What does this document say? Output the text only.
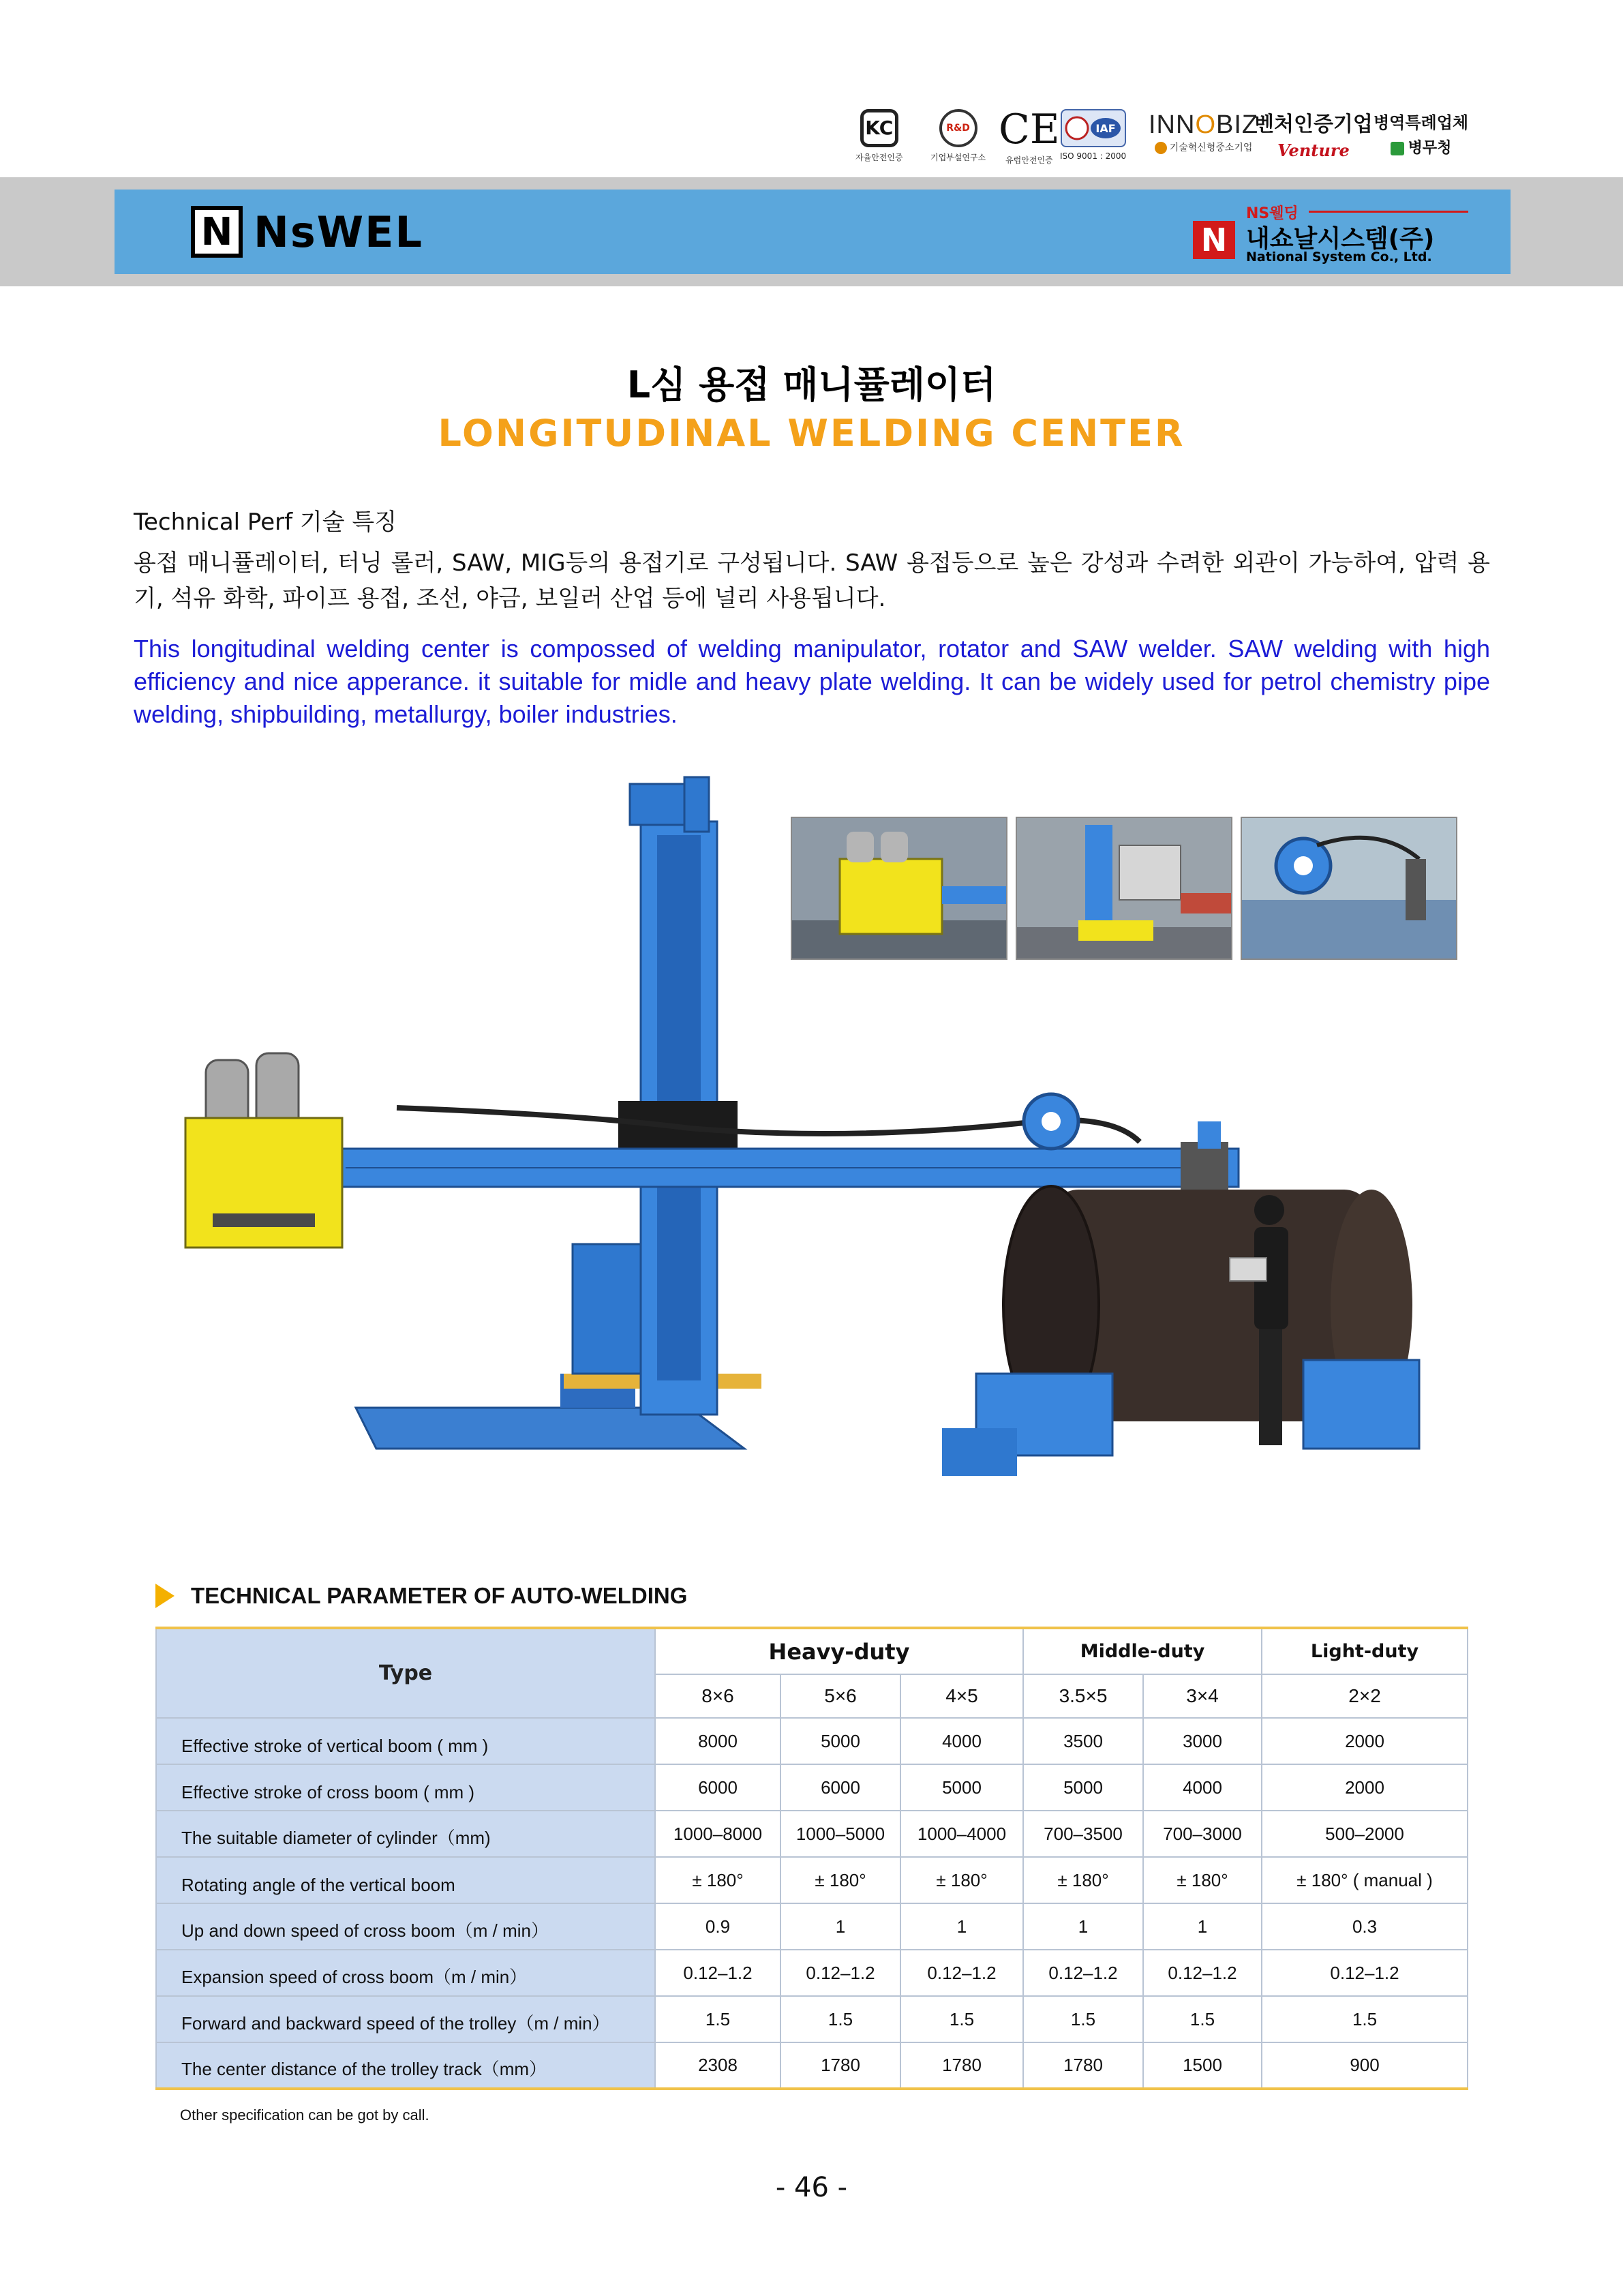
KC
자율안전인증
R&D
기업부설연구소
CE
유럽안전인증
IAF
ISO 9001 : 2000
INNOBIZ
기술혁신형중소기업
벤처인증기업
Venture
병역특례업체
병무청
N NsWEL	N
NS웰딩
내쇼날시스템(주)
National System Co., Ltd.
L심 용접 매니퓰레이터
LONGITUDINAL WELDING CENTER
Technical Perf 기술 특징
용접 매니퓰레이터, 터닝 롤러, SAW, MIG등의 용접기로 구성됩니다. SAW 용접등으로 높은 강성과 수려한 외관이 가능하여, 압력 용기, 석유 화학, 파이프 용접, 조선, 야금, 보일러 산업 등에 널리 사용됩니다.
This longitudinal welding center is compossed of welding manipulator, rotator and SAW welder. SAW welding with high efficiency and nice apperance. it suitable for midle and heavy plate welding. It can be widely used for petrol chemistry pipe welding, shipbuilding, metallurgy, boiler industries.
TECHNICAL PARAMETER OF AUTO-WELDING
Type	Heavy-duty			Middle-duty		Light-duty
	8×6	5×6	4×5	3.5×5	3×4	2×2
Effective stroke of vertical boom ( mm )	8000	5000	4000	3500	3000	2000
Effective stroke of cross boom ( mm )	6000	6000	5000	5000	4000	2000
The suitable diameter of cylinder（mm)	1000–8000	1000–5000	1000–4000	700–3500	700–3000	500–2000
Rotating angle of the vertical boom	± 180°	± 180°	± 180°	± 180°	± 180°	± 180° ( manual )
Up and down speed of cross boom（m / min）	0.9	1	1	1	1	0.3
Expansion speed of cross boom（m / min）	0.12–1.2	0.12–1.2	0.12–1.2	0.12–1.2	0.12–1.2	0.12–1.2
Forward and backward speed of the trolley（m / min）	1.5	1.5	1.5	1.5	1.5	1.5
The center distance of the trolley track（mm）	2308	1780	1780	1780	1500	900
Other specification can be got by call.
- 46 -
